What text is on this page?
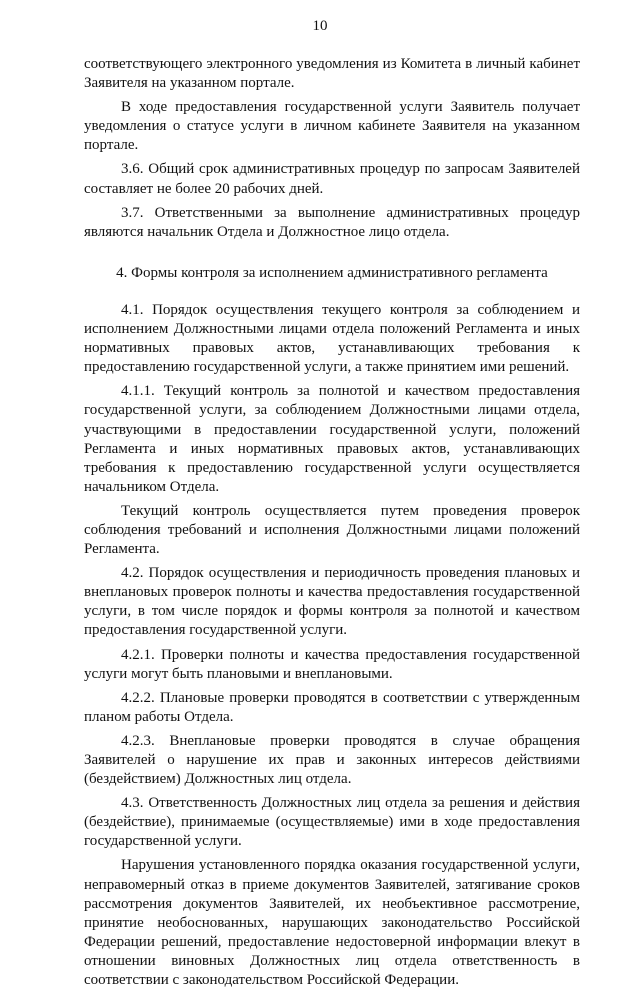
10

соответствующего электронного уведомления из Комитета в личный кабинет Заявителя на указанном портале.

В ходе предоставления государственной услуги Заявитель получает уведомления о статусе услуги в личном кабинете Заявителя на указанном портале.

3.6. Общий срок административных процедур по запросам Заявителей составляет не более 20 рабочих дней.

3.7. Ответственными за выполнение административных процедур являются начальник Отдела и Должностное лицо отдела.

4. Формы контроля за исполнением административного регламента

4.1. Порядок осуществления текущего контроля за соблюдением и исполнением Должностными лицами отдела положений Регламента и иных нормативных правовых актов, устанавливающих требования к предоставлению государственной услуги, а также принятием ими решений.

4.1.1. Текущий контроль за полнотой и качеством предоставления государственной услуги, за соблюдением Должностными лицами отдела, участвующими в предоставлении государственной услуги, положений Регламента и иных нормативных правовых актов, устанавливающих требования к предоставлению государственной услуги осуществляется начальником Отдела.

Текущий контроль осуществляется путем проведения проверок соблюдения требований и исполнения Должностными лицами положений Регламента.

4.2. Порядок осуществления и периодичность проведения плановых и внеплановых проверок полноты и качества предоставления государственной услуги, в том числе порядок и формы контроля за полнотой и качеством предоставления государственной услуги.

4.2.1. Проверки полноты и качества предоставления государственной услуги могут быть плановыми и внеплановыми.

4.2.2. Плановые проверки проводятся в соответствии с утвержденным планом работы Отдела.

4.2.3. Внеплановые проверки проводятся в случае обращения Заявителей о нарушение их прав и законных интересов действиями (бездействием) Должностных лиц отдела.

4.3. Ответственность Должностных лиц отдела за решения и действия (бездействие), принимаемые (осуществляемые) ими в ходе предоставления государственной услуги.

Нарушения установленного порядка оказания государственной услуги, неправомерный отказ в приеме документов Заявителей, затягивание сроков рассмотрения документов Заявителей, их необъективное рассмотрение, принятие необоснованных, нарушающих законодательство Российской Федерации решений, предоставление недостоверной информации влекут в отношении виновных Должностных лиц отдела ответственность в соответствии с законодательством Российской Федерации.
